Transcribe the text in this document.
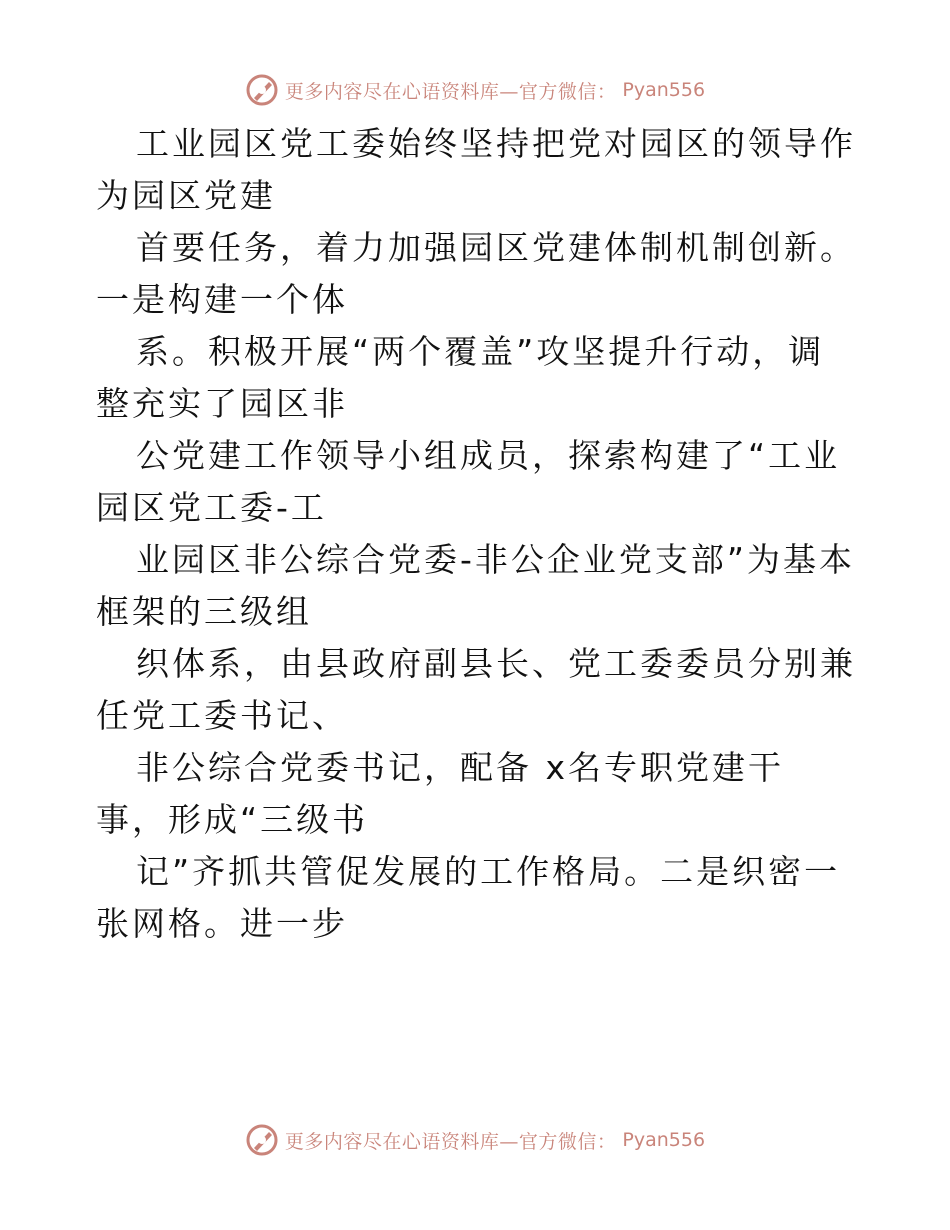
更多内容尽在心语资料库—官方微信： Pyan556

工业园区党工委始终坚持把党对园区的领导作为园区党建

首要任务，着力加强园区党建体制机制创新。一是构建一个体

系。积极开展“两个覆盖”攻坚提升行动，调整充实了园区非

公党建工作领导小组成员，探索构建了“工业园区党工委-工

业园区非公综合党委-非公企业党支部”为基本框架的三级组

织体系，由县政府副县长、党工委委员分别兼任党工委书记、

非公综合党委书记，配备 x名专职党建干事，形成“三级书

记”齐抓共管促发展的工作格局。二是织密一张网格。进一步

更多内容尽在心语资料库—官方微信： Pyan556
